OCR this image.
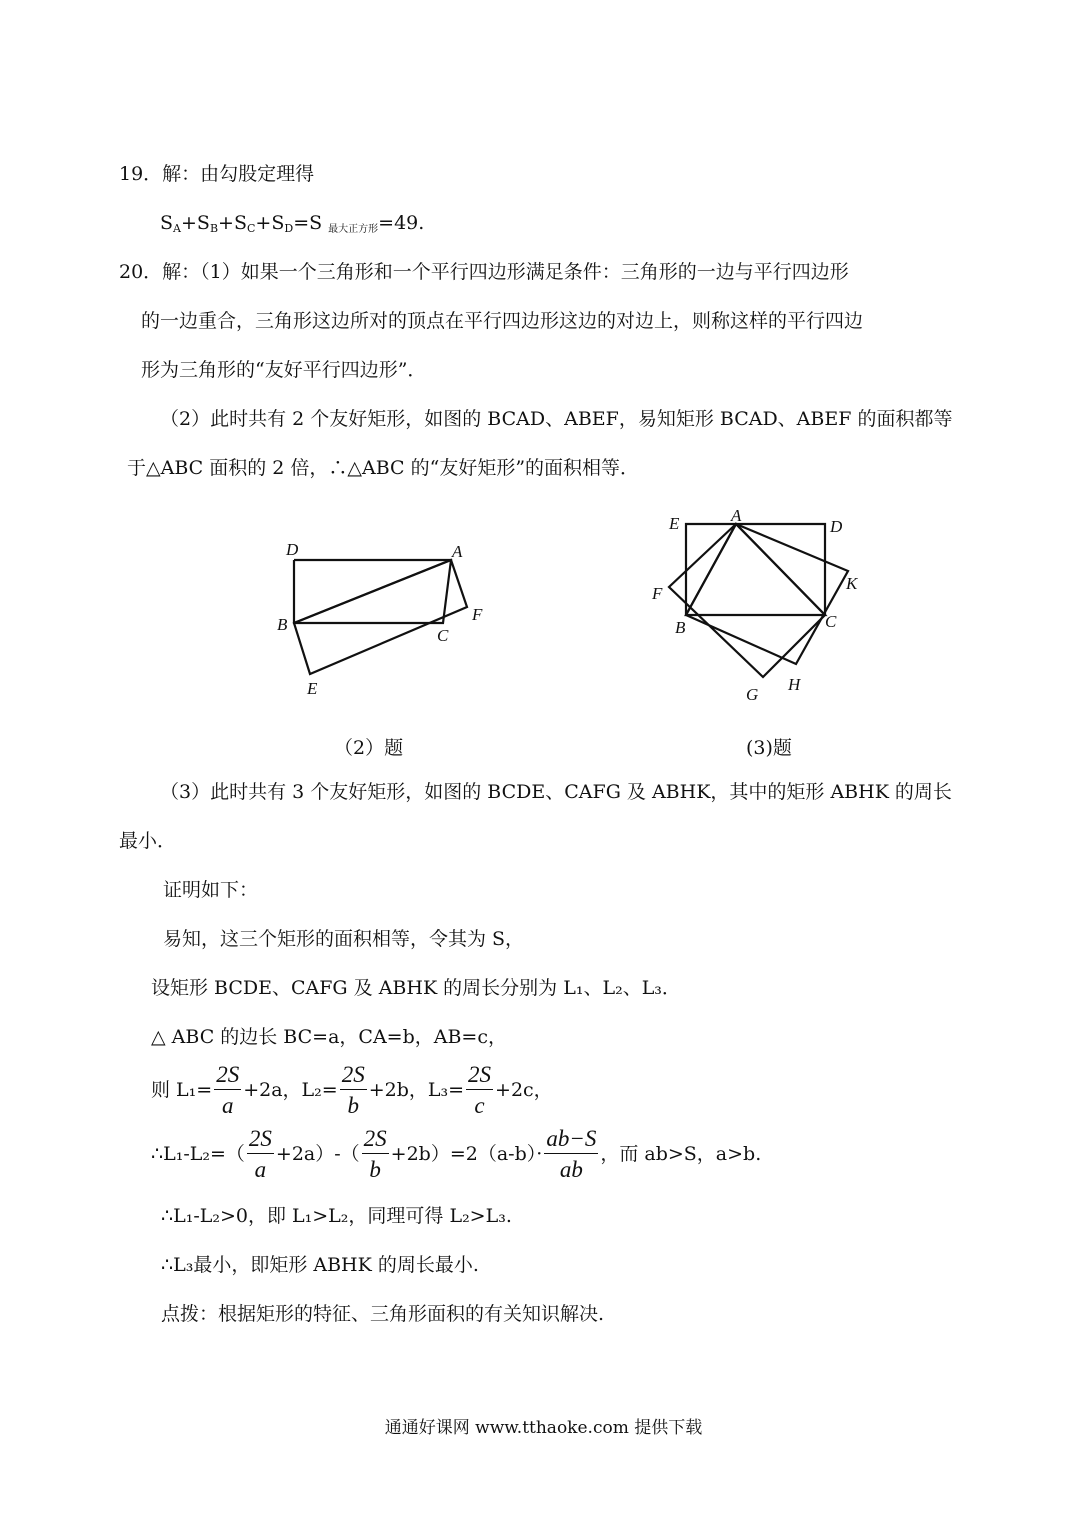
19．解：由勾股定理得
$S_A+S_B+S_C+S_D=S$ $_{最大正方形}$=49.
20．解：（1）如果一个三角形和一个平行四边形满足条件：三角形的一边与平行四边形
的一边重合，三角形这边所对的顶点在平行四边形这边的对边上，则称这样的平行四边
形为三角形的“友好平行四边形”．
（2）此时共有 2 个友好矩形，如图的 BCAD、ABEF，易知矩形 BCAD、ABEF 的面积都等
于△ABC 面积的 2 倍，∴△ABC 的“友好矩形”的面积相等．
D	A
B
F
C
E
（2）题
E	A
D
K
F
B	C
H
G
(3)题
（3）此时共有 3 个友好矩形，如图的 BCDE、CAFG 及 ABHK，其中的矩形 ABHK 的周长
最小．
证明如下：
易知，这三个矩形的面积相等，令其为 S，
设矩形 BCDE、CAFG 及 ABHK 的周长分别为 L₁、L₂、L₃．
△ ABC 的边长 BC=a，CA=b，AB=c，
则 $L_1= \frac{2S}{a} +2a$，$L_2= \frac{2S}{b} +2b$，$L_3= \frac{2S}{c} +2c$，
∴L₁-L₂=（ $\frac{2S}{a} +2a)-( \frac{2S}{b} +2b)=2(a-b)\cdot \frac{ab-S}{ab}$ ，而 ab>S，a>b.
∴L₁-L₂>0，即 L₁>L₂，同理可得 L₂>L₃.
∴L₃最小，即矩形 ABHK 的周长最小.
点拨：根据矩形的特征、三角形面积的有关知识解决.
通通好课网 www.tthaoke.com 提供下载
